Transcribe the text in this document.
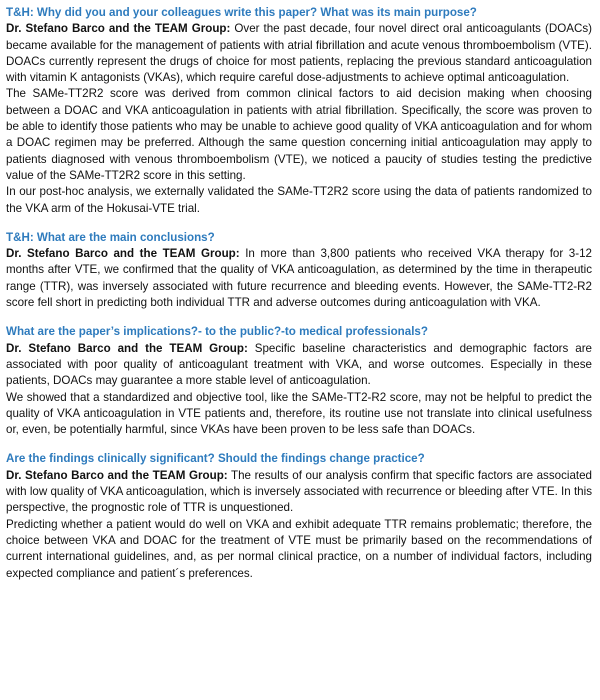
T&H: Why did you and your colleagues write this paper? What was its main purpose?

Dr. Stefano Barco and the TEAM Group: Over the past decade, four novel direct oral anticoagulants (DOACs) became available for the management of patients with atrial fibrillation and acute venous thromboembolism (VTE). DOACs currently represent the drugs of choice for most patients, replacing the previous standard anticoagulation with vitamin K antagonists (VKAs), which require careful dose-adjustments to achieve optimal anticoagulation.

The SAMe-TT2R2 score was derived from common clinical factors to aid decision making when choosing between a DOAC and VKA anticoagulation in patients with atrial fibrillation. Specifically, the score was proven to be able to identify those patients who may be unable to achieve good quality of VKA anticoagulation and for whom a DOAC regimen may be preferred. Although the same question concerning initial anticoagulation may apply to patients diagnosed with venous thromboembolism (VTE), we noticed a paucity of studies testing the predictive value of the SAMe-TT2R2 score in this setting.

In our post-hoc analysis, we externally validated the SAMe-TT2R2 score using the data of patients randomized to the VKA arm of the Hokusai-VTE trial.

T&H: What are the main conclusions?

Dr. Stefano Barco and the TEAM Group: In more than 3,800 patients who received VKA therapy for 3-12 months after VTE, we confirmed that the quality of VKA anticoagulation, as determined by the time in therapeutic range (TTR), was inversely associated with future recurrence and bleeding events. However, the SAMe-TT2-R2 score fell short in predicting both individual TTR and adverse outcomes during anticoagulation with VKA.

What are the paper’s implications?- to the public?-to medical professionals?

Dr. Stefano Barco and the TEAM Group: Specific baseline characteristics and demographic factors are associated with poor quality of anticoagulant treatment with VKA, and worse outcomes. Especially in these patients, DOACs may guarantee a more stable level of anticoagulation.

We showed that a standardized and objective tool, like the SAMe-TT2-R2 score, may not be helpful to predict the quality of VKA anticoagulation in VTE patients and, therefore, its routine use not translate into clinical usefulness or, even, be potentially harmful, since VKAs have been proven to be less safe than DOACs.

Are the findings clinically significant? Should the findings change practice?

Dr. Stefano Barco and the TEAM Group: The results of our analysis confirm that specific factors are associated with low quality of VKA anticoagulation, which is inversely associated with recurrence or bleeding after VTE. In this perspective, the prognostic role of TTR is unquestioned.

Predicting whether a patient would do well on VKA and exhibit adequate TTR remains problematic; therefore, the choice between VKA and DOAC for the treatment of VTE must be primarily based on the recommendations of current international guidelines, and, as per normal clinical practice, on a number of individual factors, including expected compliance and patient´s preferences.
